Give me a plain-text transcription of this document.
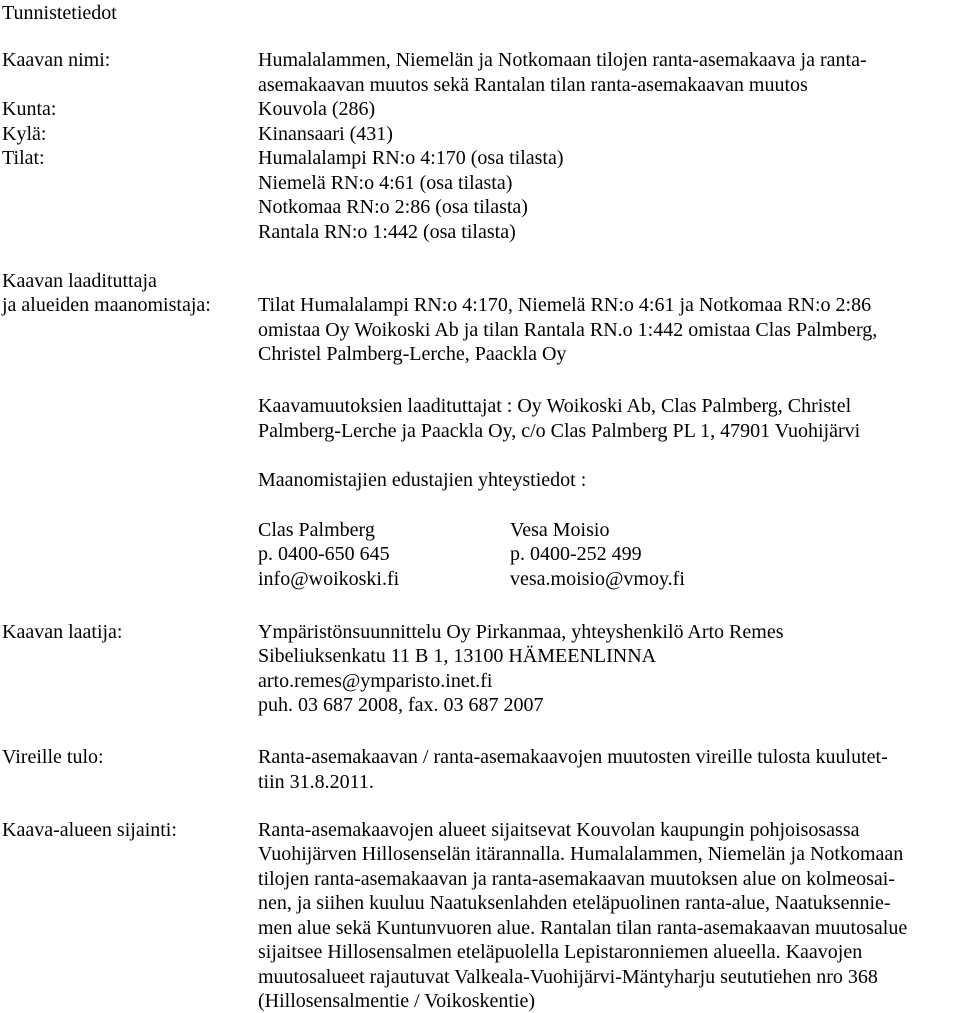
Tunnistetiedot
Kaavan nimi:	Humalalammen, Niemelän ja Notkomaan tilojen ranta-asemakaava ja ranta-
asemakaavan muutos sekä Rantalan tilan ranta-asemakaavan muutos
Kunta:	Kouvola (286)
Kylä:	Kinansaari (431)
Tilat:	Humalalampi RN:o 4:170 (osa tilasta)
Niemelä RN:o 4:61 (osa tilasta)
Notkomaa RN:o 2:86 (osa tilasta)
Rantala RN:o 1:442 (osa tilasta)
Kaavan laadituttaja
ja alueiden maanomistaja: Tilat Humalalampi RN:o 4:170, Niemelä RN:o 4:61 ja Notkomaa RN:o 2:86
omistaa Oy Woikoski Ab ja tilan Rantala RN.o 1:442 omistaa Clas Palmberg,
Christel Palmberg-Lerche, Paackla Oy
Kaavamuutoksien laadituttajat : Oy Woikoski Ab, Clas Palmberg, Christel
Palmberg-Lerche ja Paackla Oy, c/o Clas Palmberg PL 1, 47901 Vuohijärvi
Maanomistajien edustajien yhteystiedot :
Clas Palmberg
p. 0400-650 645
info@woikoski.fi
Vesa Moisio
p. 0400-252 499
vesa.moisio@vmoy.fi
Kaavan laatija:	Ympäristönsuunnittelu Oy Pirkanmaa, yhteyshenkilö Arto Remes
Sibeliuksenkatu 11 B 1, 13100 HÄMEENLINNA
arto.remes@ymparisto.inet.fi
puh. 03 687 2008, fax. 03 687 2007
Vireille tulo:	Ranta-asemakaavan / ranta-asemakaavojen muutosten vireille tulosta kuulutet-
tiin 31.8.2011.
Kaava-alueen sijainti:	Ranta-asemakaavojen alueet sijaitsevat Kouvolan kaupungin pohjoisosassa
Vuohijärven Hillosenselän itärannalla. Humalalammen, Niemelän ja Notkomaan
tilojen ranta-asemakaavan ja ranta-asemakaavan muutoksen alue on kolmeosai-
nen, ja siihen kuuluu Naatuksenlahden eteläpuolinen ranta-alue, Naatuksennie-
men alue sekä Kuntunvuoren alue. Rantalan tilan ranta-asemakaavan muutosalue
sijaitsee Hillosensalmen eteläpuolella Lepistaronniemen alueella. Kaavojen
muutosalueet rajautuvat Valkeala-Vuohijärvi-Mäntyharju seututiehen nro 368
(Hillosensalmentie / Voikoskentie)
